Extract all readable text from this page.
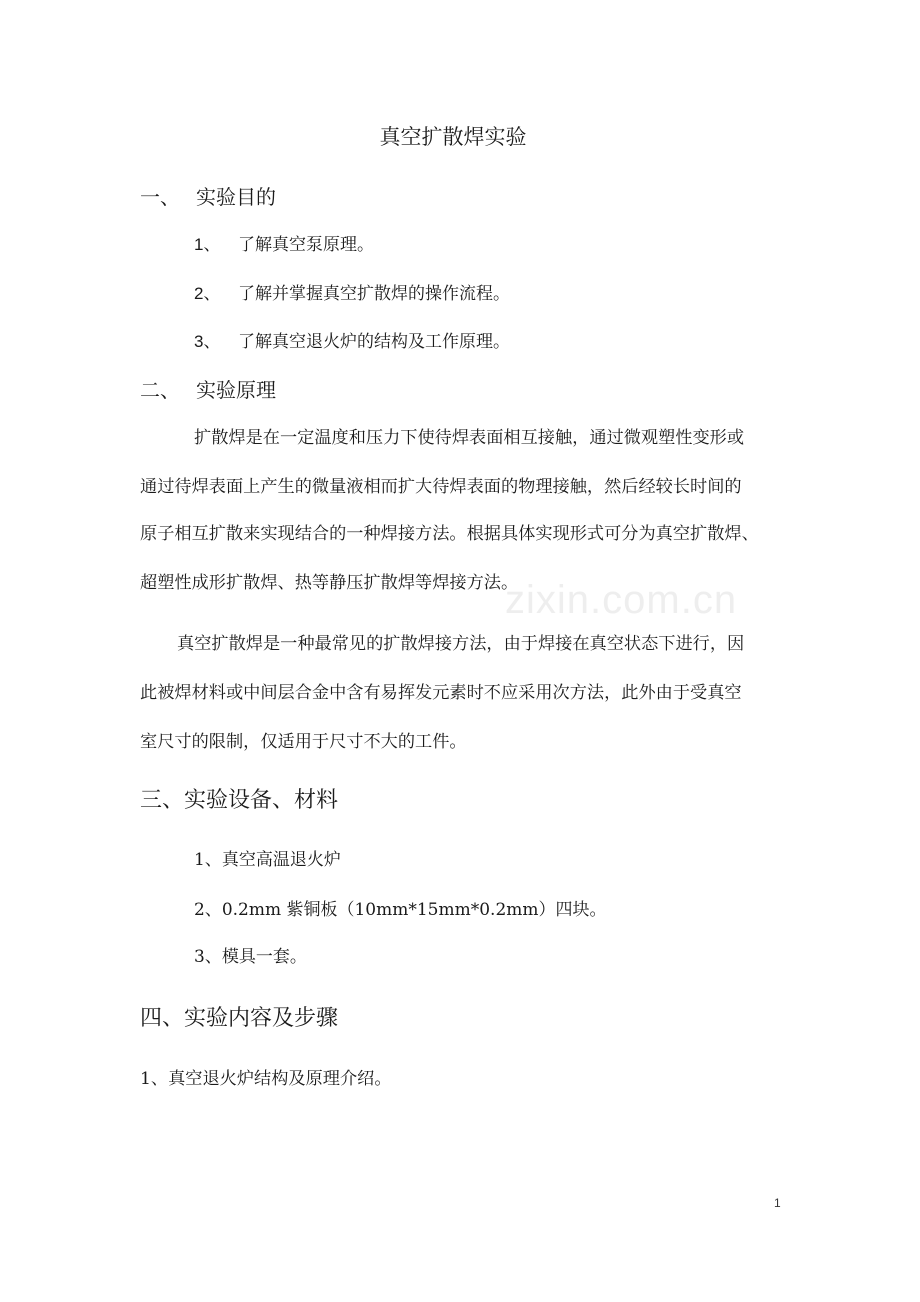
zixin.com.cn
真空扩散焊实验
一、 实验目的
1、 了解真空泵原理。
2、 了解并掌握真空扩散焊的操作流程。
3、 了解真空退火炉的结构及工作原理。
二、 实验原理
扩散焊是在一定温度和压力下使待焊表面相互接触，通过微观塑性变形或
通过待焊表面上产生的微量液相而扩大待焊表面的物理接触，然后经较长时间的
原子相互扩散来实现结合的一种焊接方法。根据具体实现形式可分为真空扩散焊、
超塑性成形扩散焊、热等静压扩散焊等焊接方法。
真空扩散焊是一种最常见的扩散焊接方法，由于焊接在真空状态下进行，因
此被焊材料或中间层合金中含有易挥发元素时不应采用次方法，此外由于受真空
室尺寸的限制，仅适用于尺寸不大的工件。
三、实验设备、材料
1、真空高温退火炉
2、0.2mm 紫铜板（10mm*15mm*0.2mm）四块。
3、模具一套。
四、实验内容及步骤
1、真空退火炉结构及原理介绍。
1
